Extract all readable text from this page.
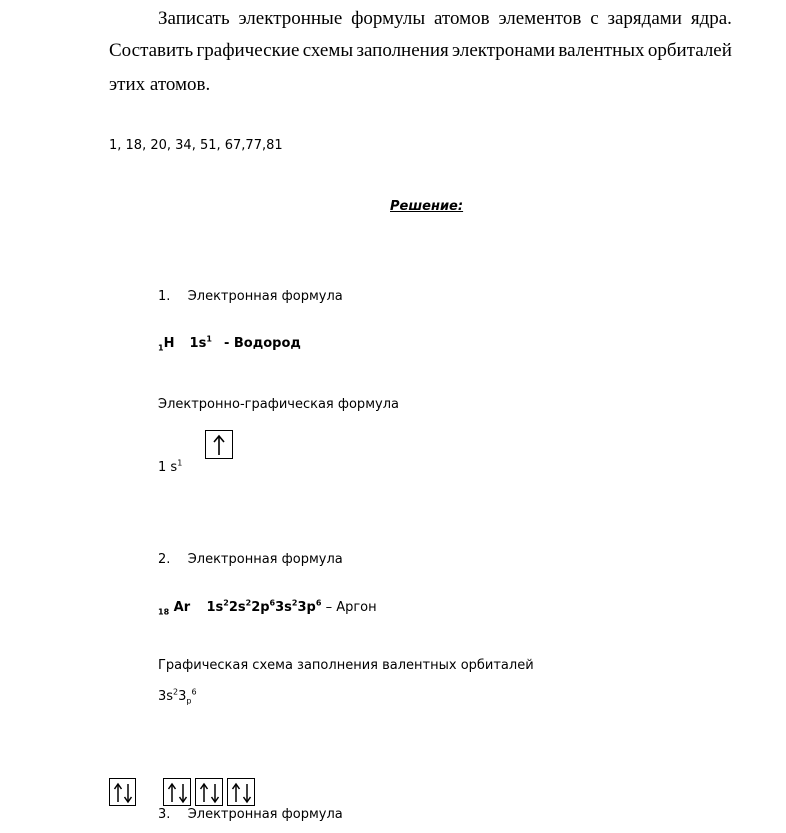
Записать электронные формулы атомов элементов с зарядами ядра.
Составить графические схемы заполнения электронами валентных орбиталей
этих атомов.
1, 18, 20, 34, 51, 67,77,81
Решение:
1. Электронная формула
$_1$H $1s^1$ - Водород
Электронно-графическая формула
1 $s^1$
2. Электронная формула
$_{18}$ Ar $1s^22s^22p^63s^23p^6$ – Аргон
Графическая схема заполнения валентных орбиталей
$3s^23_p^6$
3. Электронная формула
